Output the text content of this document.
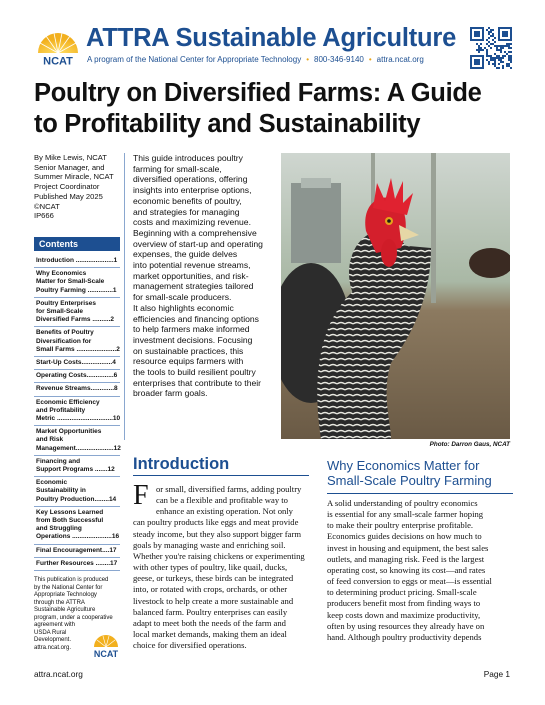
NCAT
ATTRA Sustainable Agriculture
A program of the National Center for Appropriate Technology • 800-346-9140 • attra.ncat.org
Poultry on Diversified Farms: A Guide
to Profitability and Sustainability
By Mike Lewis, NCAT
Senior Manager, and
Summer Miracle, NCAT
Project Coordinator
Published May 2025
©NCAT
IP666
Contents
Introduction .....................1
Why Economics
Matter for Small-Scale
Poultry Farming ..............1
Poultry Enterprises
for Small-Scale
Diversified Farms ..........2
Benefits of Poultry
Diversification for
Small Farms ......................2
Start-Up Costs.................4
Operating Costs...............6
Revenue Streams.............8
Economic Efficiency
and Profitability
Metric ...............................10
Market Opportunities
and Risk
Management.....................12
Financing and
Support Programs .......12
Economic
Sustainability in
Poultry Production........14
Key Lessons Learned
from Both Successful
and Struggling
Operations ......................16
Final Encouragement....17
Further Resources ........17
This publication is produced
by the National Center for
Appropriate Technology
through the ATTRA
Sustainable Agriculture
program, under a cooperative
agreement with
USDA Rural
Development.
attra.ncat.org.
NCAT
This guide introduces poultry
farming for small-scale,
diversified operations, offering
insights into enterprise options,
economic benefits of poultry,
and strategies for managing
costs and maximizing revenue.
Beginning with a comprehensive
overview of start-up and operating
expenses, the guide delves
into potential revenue streams,
market opportunities, and risk-
management strategies tailored
for small-scale producers.
It also highlights economic
efficiencies and financing options
to help farmers make informed
investment decisions. Focusing
on sustainable practices, this
resource equips farmers with
the tools to build resilient poultry
enterprises that contribute to their
broader farm goals.
Photo: Darron Gaus, NCAT
Introduction
F or small, diversified farms, adding poultry
can be a flexible and profitable way to
enhance an existing operation. Not only
can poultry products like eggs and meat provide
steady income, but they also support bigger farm
goals by managing waste and enriching soil.
Whether you're raising chickens or experimenting
with other types of poultry, like quail, ducks,
geese, or turkeys, these birds can be integrated
into, or rotated with crops, orchards, or other
livestock to help create a more sustainable and
balanced farm. Poultry enterprises can easily
adapt to meet both the needs of the farm and
local market demands, making them an ideal
choice for diversified operations.
Why Economics Matter for
Small-Scale Poultry Farming
A solid understanding of poultry economics
is essential for any small-scale farmer hoping
to make their poultry enterprise profitable.
Economics guides decisions on how much to
invest in housing and equipment, the best sales
outlets, and managing risk. Feed is the largest
operating cost, so knowing its cost—and rates
of feed conversion to eggs or meat—is essential
to determining product pricing. Small-scale
producers benefit most from finding ways to
keep costs down and maximize productivity,
often by using resources they already have on
hand. Although poultry productivity depends
attra.ncat.org	Page 1
